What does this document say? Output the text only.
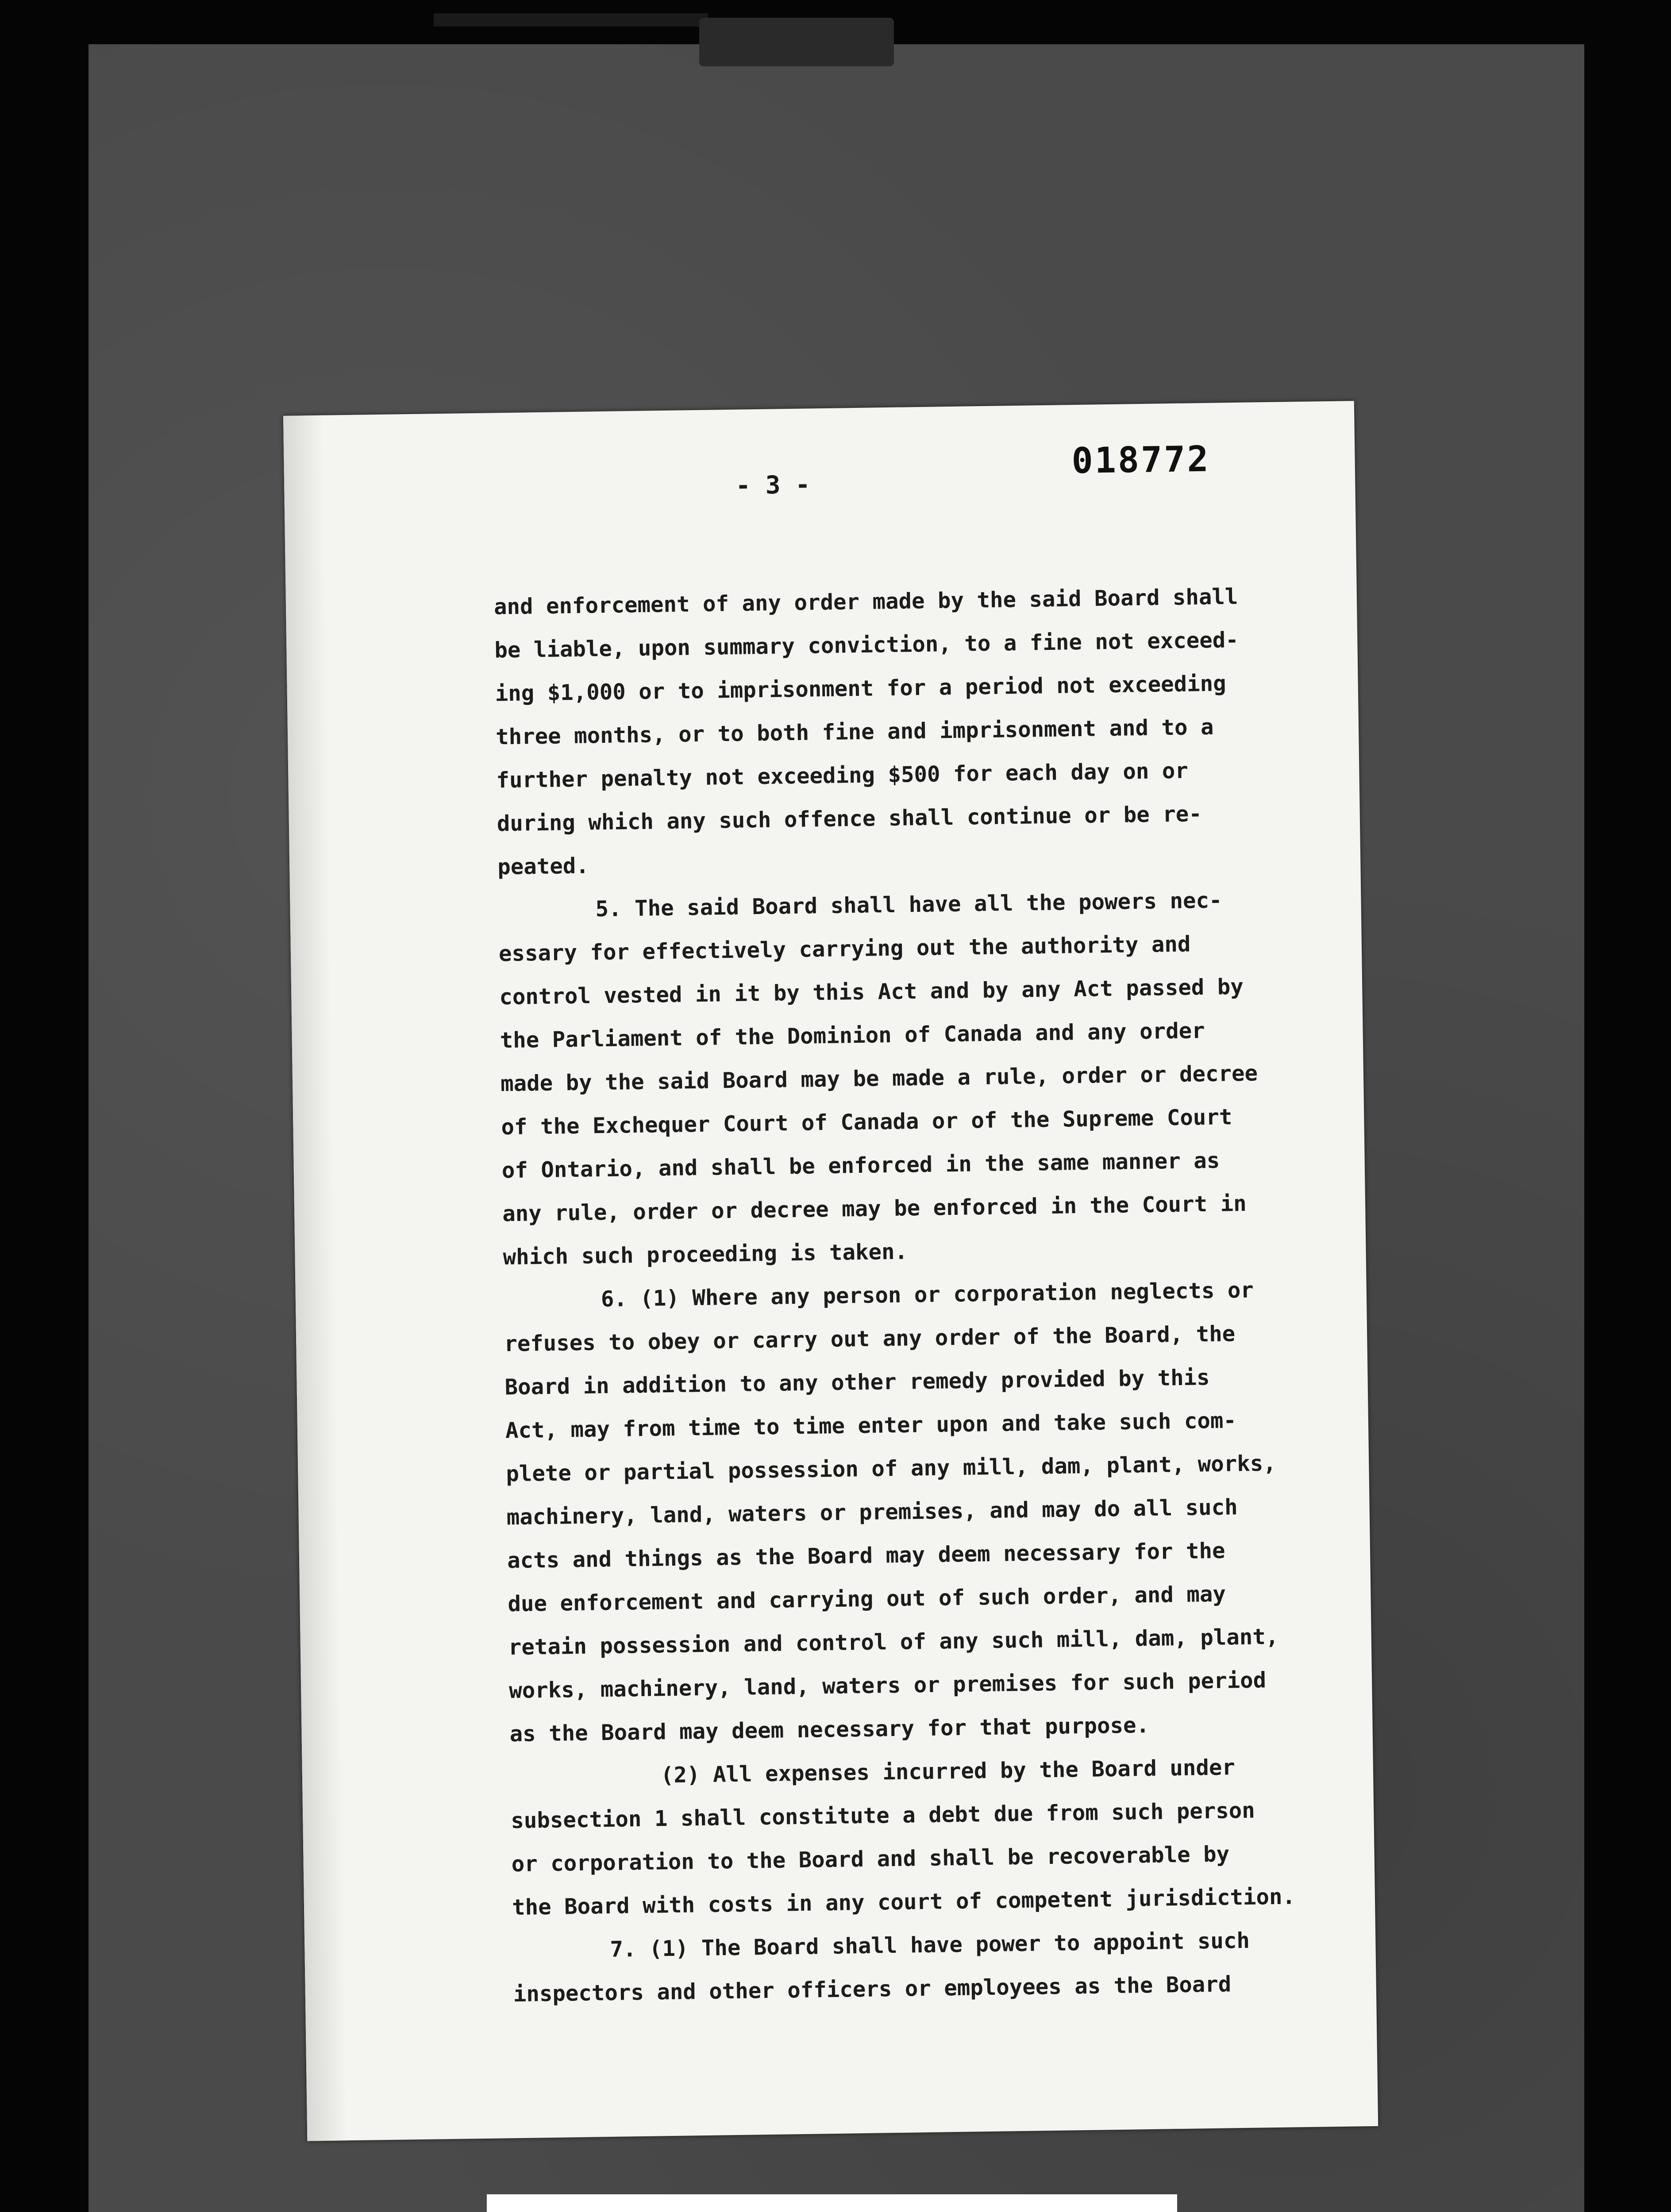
- 3 -
018772

and enforcement of any order made by the said Board shall

be liable, upon summary conviction, to a fine not exceed-

ing $1,000 or to imprisonment for a period not exceeding

three months, or to both fine and imprisonment and to a

further penalty not exceeding $500 for each day on or

during which any such offence shall continue or be re-

peated.

5. The said Board shall have all the powers nec-

essary for effectively carrying out the authority and

control vested in it by this Act and by any Act passed by

the Parliament of the Dominion of Canada and any order

made by the said Board may be made a rule, order or decree

of the Exchequer Court of Canada or of the Supreme Court

of Ontario, and shall be enforced in the same manner as

any rule, order or decree may be enforced in the Court in

which such proceeding is taken.

6. (1) Where any person or corporation neglects or

refuses to obey or carry out any order of the Board, the

Board in addition to any other remedy provided by this

Act, may from time to time enter upon and take such com-

plete or partial possession of any mill, dam, plant, works,

machinery, land, waters or premises, and may do all such

acts and things as the Board may deem necessary for the

due enforcement and carrying out of such order, and may

retain possession and control of any such mill, dam, plant,

works, machinery, land, waters or premises for such period

as the Board may deem necessary for that purpose.

(2) All expenses incurred by the Board under

subsection 1 shall constitute a debt due from such person

or corporation to the Board and shall be recoverable by

the Board with costs in any court of competent jurisdiction.

7. (1) The Board shall have power to appoint such

inspectors and other officers or employees as the Board
